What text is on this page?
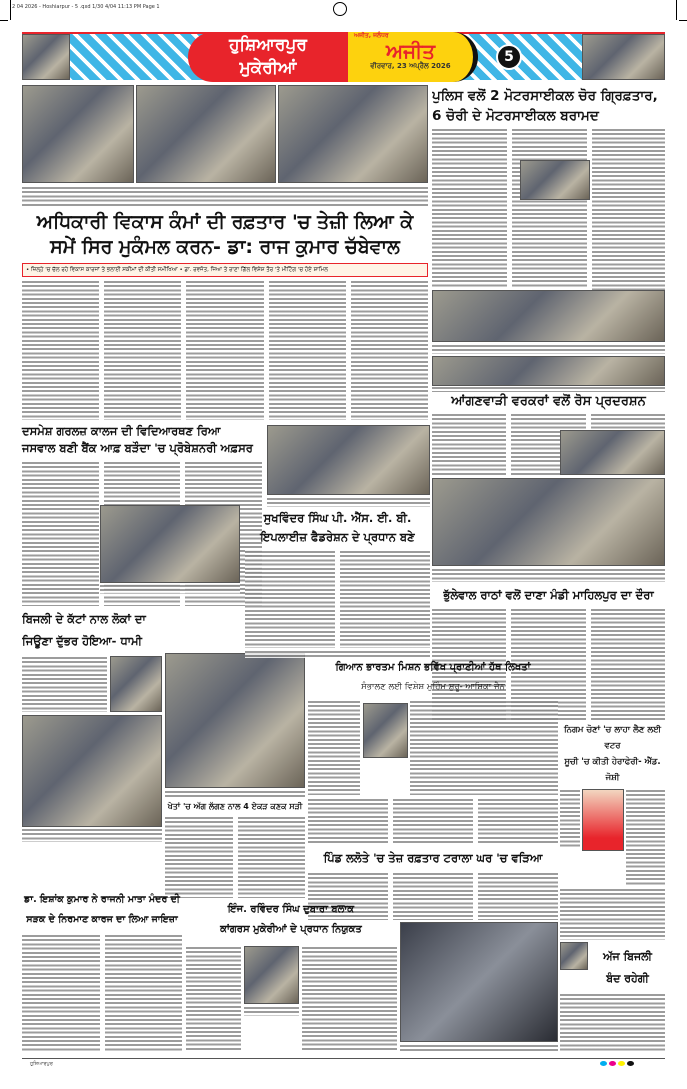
2 04 2026 - Hoshiarpur - 5 .qxd 1/30 4/04 11:13 PM Page 1
ਹੁਸ਼ਿਆਰਪੁਰ
ਮੁਕੇਰੀਆਂ
ਅਜੀਤ, ਜਲੰਧਰ
ਅਜੀਤ
ਵੀਰਵਾਰ, 23 ਅਪ੍ਰੈਲ 2026
5
ਅਧਿਕਾਰੀ ਵਿਕਾਸ ਕੰਮਾਂ ਦੀ ਰਫ਼ਤਾਰ 'ਚ ਤੇਜ਼ੀ ਲਿਆ ਕੇ
ਸਮੇਂ ਸਿਰ ਮੁਕੰਮਲ ਕਰਨ- ਡਾ: ਰਾਜ ਕੁਮਾਰ ਚੱਬੇਵਾਲ
• ਜ਼ਿਲ੍ਹੇ 'ਚ ਚੱਲ ਰਹੇ ਵਿਕਾਸ ਕਾਰਜਾਂ ਤੇ ਭਲਾਈ ਸਕੀਮਾਂ ਦੀ ਕੀਤੀ ਸਮੀਖਿਆ • ਡਾ. ਰਵਜੋਤ, ਜਿਆ ਤੇ ਰਾਣਾ ਗਿੱਲ ਵਿਸ਼ੇਸ਼ ਤੌਰ 'ਤੇ ਮੀਟਿੰਗ 'ਚ ਹੋਏ ਸ਼ਾਮਿਲ
ਪੁਲਿਸ ਵਲੋਂ 2 ਮੋਟਰਸਾਈਕਲ ਚੋਰ ਗ੍ਰਿਫ਼ਤਾਰ,
6 ਚੋਰੀ ਦੇ ਮੋਟਰਸਾਈਕਲ ਬਰਾਮਦ
ਆਂਗਣਵਾੜੀ ਵਰਕਰਾਂ ਵਲੋਂ ਰੋਸ ਪ੍ਰਦਰਸ਼ਨ
ਦਸਮੇਸ਼ ਗਰਲਜ਼ ਕਾਲਜ ਦੀ ਵਿਦਿਆਰਥਣ ਰਿਆ
ਜਸਵਾਲ ਬਣੀ ਬੈਂਕ ਆਫ਼ ਬੜੌਦਾ 'ਚ ਪ੍ਰੋਬੇਸ਼ਨਰੀ ਅਫ਼ਸਰ
ਸੁਖਵਿੰਦਰ ਸਿੰਘ ਪੀ. ਐੱਸ. ਈ. ਬੀ.
ਇਪਲਾਈਜ਼ ਫੈਡਰੇਸ਼ਨ ਦੇ ਪ੍ਰਧਾਨ ਬਣੇ
ਭੁੱਲੇਵਾਲ ਰਾਠਾਂ ਵਲੋਂ ਦਾਣਾ ਮੰਡੀ ਮਾਹਿਲਪੁਰ ਦਾ ਦੌਰਾ
ਬਿਜਲੀ ਦੇ ਕੱਟਾਂ ਨਾਲ ਲੋਕਾਂ ਦਾ
ਜਿਊਣਾ ਦੁੱਭਰ ਹੋਇਆ- ਧਾਮੀ
ਖੇਤਾਂ 'ਚ ਅੱਗ ਲੱਗਣ ਨਾਲ 4 ਏਕੜ ਕਣਕ ਸੜੀ
ਗਿਆਨ ਭਾਰਤਮ ਮਿਸ਼ਨ ਭਵਿੱਖ ਪ੍ਰਾਣੀਆਂ ਹੱਥ ਲਿਖਤਾਂ
ਸੰਭਾਲਣ ਲਈ ਵਿਸ਼ੇਸ਼ ਮੁਹਿੰਮ ਸ਼ੁਰੂ- ਆਸ਼ਿਕਾ ਜੈਨ
ਨਿਗਮ ਚੋਣਾਂ 'ਚ ਲਾਹਾ ਲੈਣ ਲਈ ਵਟਰ
ਸੂਚੀ 'ਚ ਕੀਤੀ ਹੇਰਾਫੇਰੀ- ਐੱਡ. ਜੋਸ਼ੀ
ਪਿੰਡ ਲਲੋਤੇ 'ਚ ਤੇਜ਼ ਰਫ਼ਤਾਰ ਟਰਾਲਾ ਘਰ 'ਚ ਵੜਿਆ
ਡਾ. ਇਸ਼ਾਂਕ ਕੁਮਾਰ ਨੇ ਰਾਜਨੀ ਮਾਤਾ ਮੰਦਰ ਦੀ
ਸੜਕ ਦੇ ਨਿਰਮਾਣ ਕਾਰਜ ਦਾ ਲਿਆ ਜਾਇਜ਼ਾ
ਇੰਜ. ਰਵਿੰਦਰ ਸਿੰਘ ਦੁਬਾਰਾ ਬਲਾਕ
ਕਾਂਗਰਸ ਮੁਕੇਰੀਆਂ ਦੇ ਪ੍ਰਧਾਨ ਨਿਯੁਕਤ
ਅੱਜ ਬਿਜਲੀ
ਬੰਦ ਰਹੇਗੀ
ਹੁਸ਼ਿਆਰਪੁਰ
